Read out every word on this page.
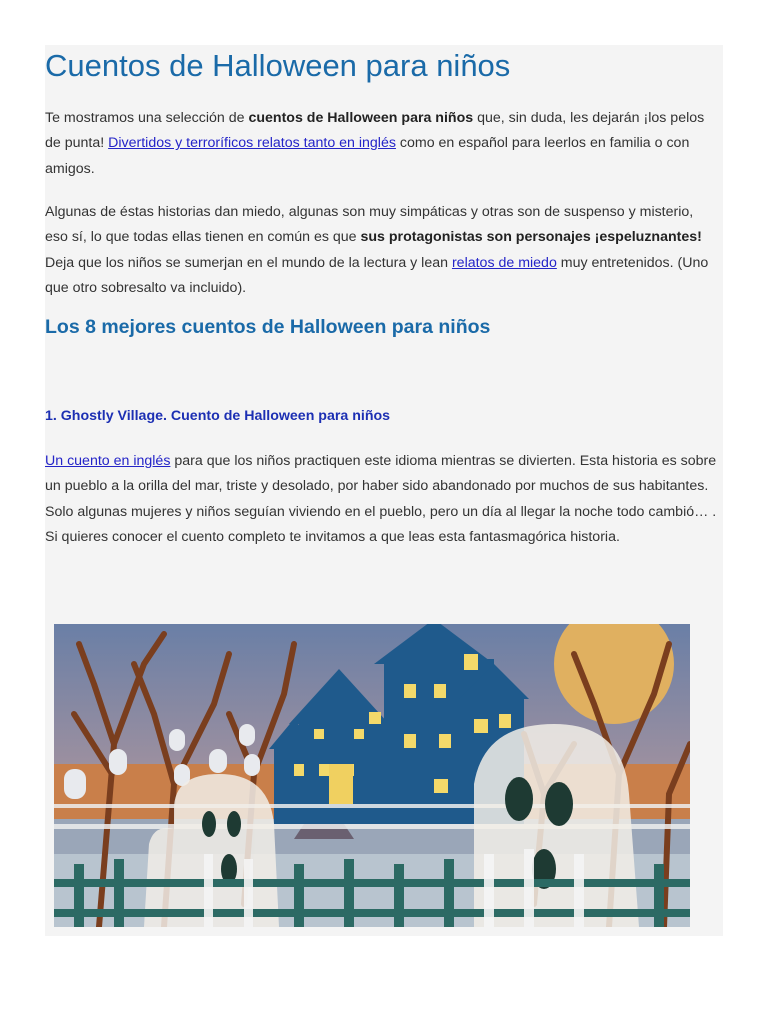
Cuentos de Halloween para niños

Te mostramos una selección de cuentos de Halloween para niños que, sin duda, les dejarán ¡los pelos de punta! Divertidos y terroríficos relatos tanto en inglés como en español para leerlos en familia o con amigos.

Algunas de éstas historias dan miedo, algunas son muy simpáticas y otras son de suspenso y misterio, eso sí, lo que todas ellas tienen en común es que sus protagonistas son personajes ¡espeluznantes! Deja que los niños se sumerjan en el mundo de la lectura y lean relatos de miedo muy entretenidos. (Uno que otro sobresalto va incluido).

Los 8 mejores cuentos de Halloween para niños
1. Ghostly Village. Cuento de Halloween para niños

Un cuento en inglés para que los niños practiquen este idioma mientras se divierten. Esta historia es sobre un pueblo a la orilla del mar, triste y desolado, por haber sido abandonado por muchos de sus habitantes. Solo algunas mujeres y niños seguían viviendo en el pueblo, pero un día al llegar la noche todo cambió… . Si quieres conocer el cuento completo te invitamos a que leas esta fantasmagórica historia.
